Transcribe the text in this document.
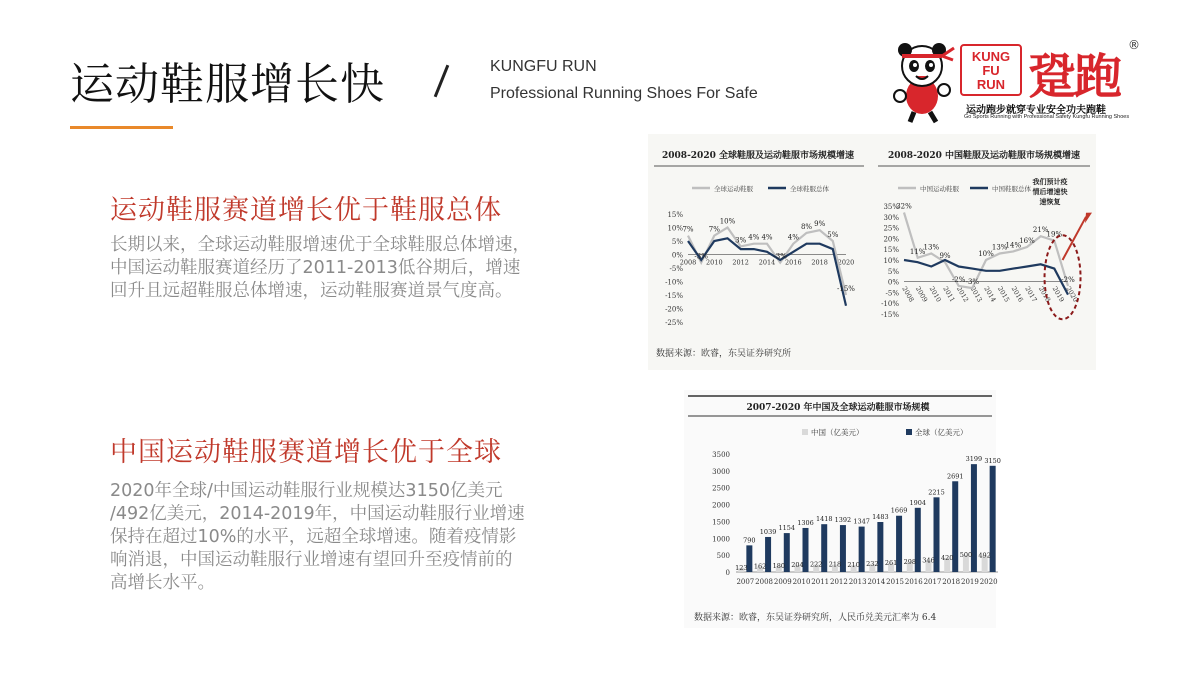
运动鞋服增长快	KUNGFU RUN
Professional Running Shoes For Safe
KUNG
FU
RUN 跫跑
®
运动跑步就穿专业安全功夫跑鞋
Go Sports Running with Professional Safety Kungfu Running Shoes
运动鞋服赛道增长优于鞋服总体
长期以来，全球运动鞋服增速优于全球鞋服总体增速，
中国运动鞋服赛道经历了2011-2013低谷期后，增速
回升且远超鞋服总体增速，运动鞋服赛道景气度高。
中国运动鞋服赛道增长优于全球
2020年全球/中国运动鞋服行业规模达3150亿美元
/492亿美元，2014-2019年，中国运动鞋服行业增速
保持在超过10%的水平，远超全球增速。随着疫情影
响消退，中国运动鞋服行业增速有望回升至疫情前的
高增长水平。
2008-2020 全球鞋服及运动鞋服市场规模增速
全球运动鞋服	全球鞋服总体
15%
10%
5%
0%
-5%
-10%
-15%
-20%
-25%
2008 2010 2012 2014 2016 2018 2020
7%
-3%
7%
10%
3% 4% 4%
-3%
4%
8% 9%
5%
-15%
2008-2020 中国鞋服及运动鞋服市场规模增速
中国运动鞋服	中国鞋服总体
35%
30%
25%
20%
15%
10%
5%
0%
-5%
-10%
-15%
2008
2009
2010
2011
2012
2013
2014
2015
2016
2017
2018
2019
2020
32%
11%
13%
9%
-2% -3%
10%
13%
14%
16%
21%
19%
-2%
我们预计疫
情后增速快
速恢复
数据来源：欧睿，东吴证券研究所
2007-2020 年中国及全球运动鞋服市场规模
中国（亿美元）	全球（亿美元）
3500
3000
2500
2000
1500
1000
500
0
2007
123
790
2008
162
1039
2009
180
1154
2010
204
1306
2011
222
1418
2012
218
1392
2013
210
1347
2014
232
1483
2015
261
1669
2016
298
1904
2017
346
2215
2018
420
2691
2019
500
3199
2020
492
3150
数据来源：欧睿，东吴证券研究所，人民币兑美元汇率为 6.4
